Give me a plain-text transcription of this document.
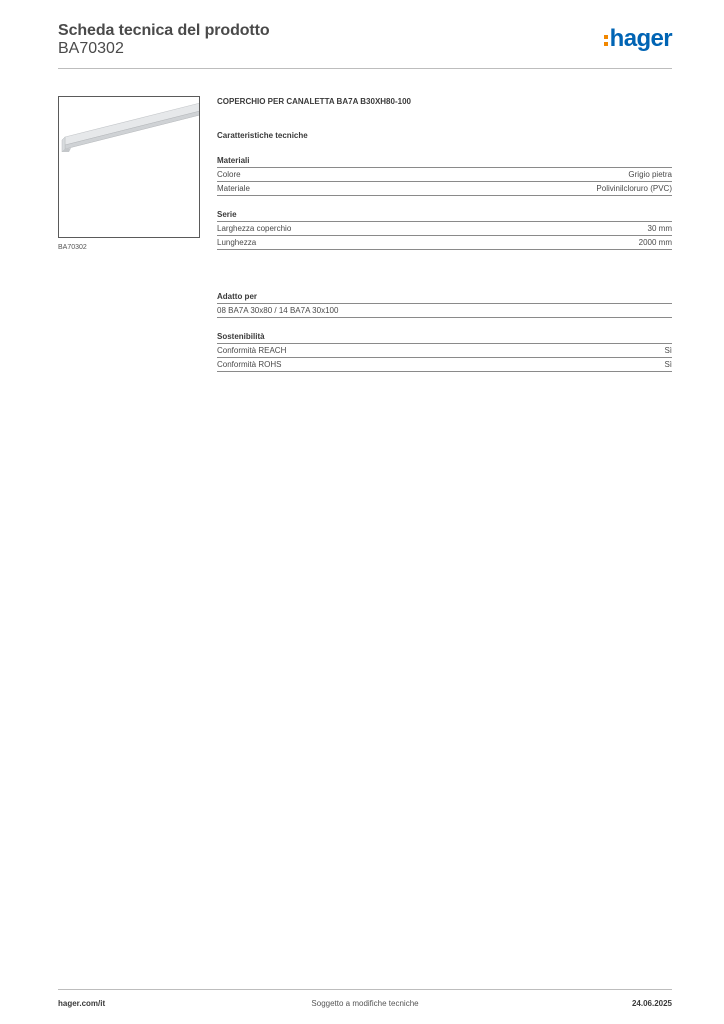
Scheda tecnica del prodotto
BA70302	hager
BA70302
COPERCHIO PER CANALETTA BA7A B30XH80-100
Caratteristiche tecniche
Materiali
Colore	Grigio pietra
Materiale	Polivinilcloruro (PVC)
Serie
Larghezza coperchio	30 mm
Lunghezza	2000 mm
Adatto per
08 BA7A 30x80 / 14 BA7A 30x100
Sostenibilità
Conformità REACH	Sì
Conformità ROHS	Sì
hager.com/it	Soggetto a modifiche tecniche	24.06.2025
